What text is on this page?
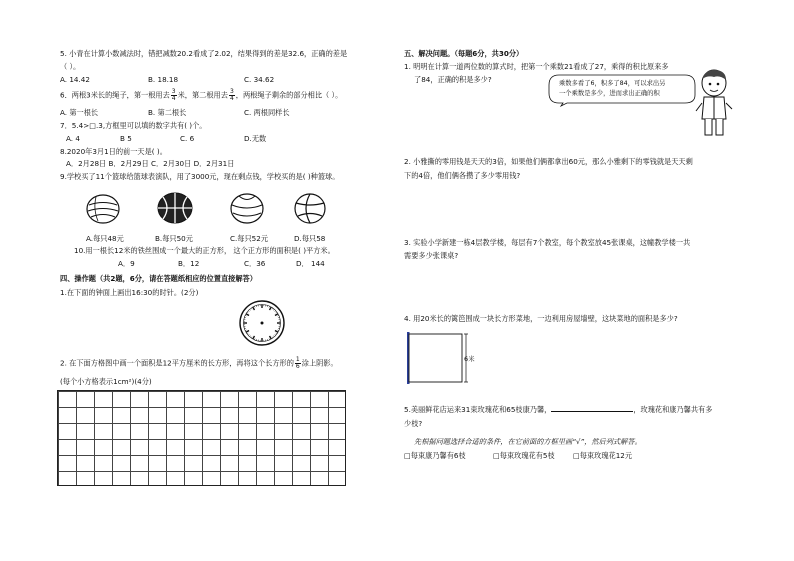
5. 小青在计算小数减法时，错把减数20.2看成了2.02，结果得到的差是32.6，正确的差是
（ ）。
A. 14.42	B. 18.18	C. 34.62
6．两根3米长的绳子，第一根用去 $\frac{3}{4}$ 米，第二根用去 $\frac{3}{4}$ ，两根绳子剩余的部分相比（ ）。
A. 第一根长	B. 第二根长	C. 两根同样长
7．5.4>□.3,方框里可以填的数字共有( )个。
A. 4	B 5	C. 6	D.无数
8.2020年3月1日的前一天是( )。
A．2月28日 B．2月29日 C．2月30日 D．2月31日
9.学校买了11个篮球给篮球表演队，用了3000元，现在剩点钱，学校买的是( )种篮球。
A.每只48元	B.每只50元	C.每只52元	D.每只58
10.用一根长12米的铁丝围成一个最大的正方形， 这个正方形的面积是( )平方米。
A．9	B．12	C．36	D． 144
四、操作题（共2题，6分，请在答题纸相应的位置直接解答）
1.在下面的钟面上画出16:30的时针。(2分)
2. 在下面方格图中画一个面积是12平方厘米的长方形，再将这个长方形的 $\frac{1}{6}$ 涂上阴影。
(每个小方格表示1cm²)(4分)
五、解决问题。（每题6分，共30分）
1. 明明在计算一道两位数的算式时，把第一个乘数21看成了27，乘得的积比原来多
了84，正确的积是多少?	乘数多看了6，积多了84，可以求出另
一个乘数是多少，进而求出正确的积
2. 小雅撕的零用钱是天天的3倍，如果他们俩都拿出60元，那么小雅剩下的零钱就是天天剩
下的4倍，他们俩各攒了多少零用钱?
3. 实验小学新建一栋4层教学楼，每层有7个教室，每个教室放45张课桌，这幢教学楼一共
需要多少张课桌?
4. 用20米长的篱笆围成一块长方形菜地，一边利用房屋墙壁，这块菜地的面积是多少?
6米
5.美丽鲜花店运来31束玫瑰花和65枝康乃馨，	，玫瑰花和康乃馨共有多
少枝?
先根据问题选择合适的条件，在它前面的方框里画“√”，然后列式解答。
□每束康乃馨有6枝	□每束玫瑰花有5枝	□每束玫瑰花12元
